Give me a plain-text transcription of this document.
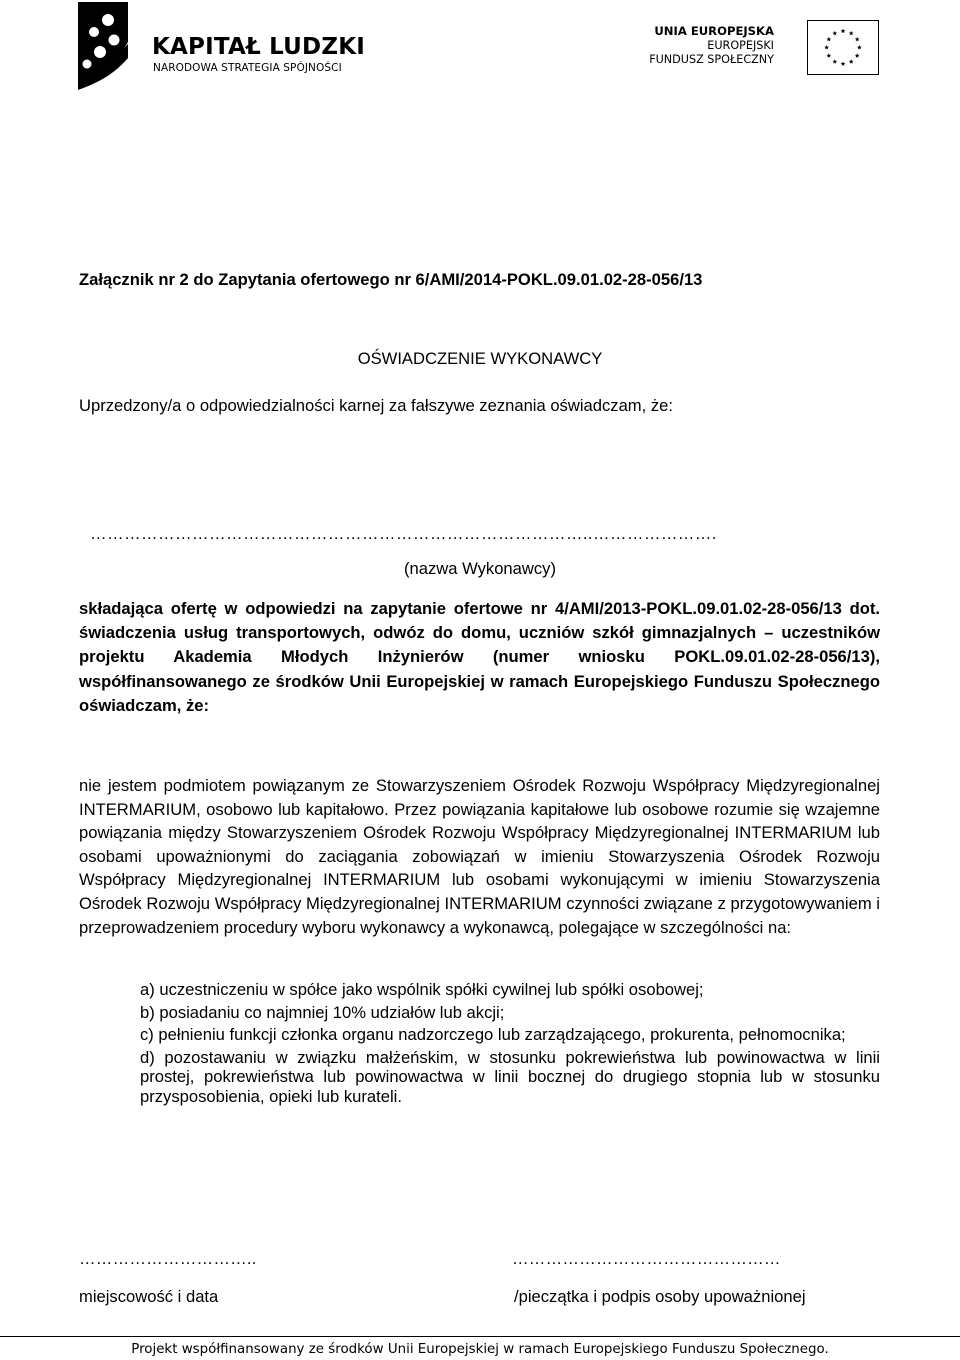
KAPITAŁ LUDZKI
NARODOWA STRATEGIA SPÓJNOŚCI
UNIA EUROPEJSKA
EUROPEJSKI
FUNDUSZ SPOŁECZNY
Załącznik nr 2 do Zapytania ofertowego nr 6/AMI/2014-POKL.09.01.02-28-056/13
OŚWIADCZENIE WYKONAWCY
Uprzedzony/a o odpowiedzialności karnej za fałszywe zeznania oświadczam, że:
……………………………………………………………………………..………………….
(nazwa Wykonawcy)
składająca ofertę w odpowiedzi na zapytanie ofertowe nr 4/AMI/2013-POKL.09.01.02-28-056/13 dot. świadczenia usług transportowych, odwóz do domu, uczniów szkół gimnazjalnych – uczestników projektu Akademia Młodych Inżynierów (numer wniosku POKL.09.01.02-28-056/13), współfinansowanego ze środków Unii Europejskiej w ramach Europejskiego Funduszu Społecznego oświadczam, że:
nie jestem podmiotem powiązanym ze Stowarzyszeniem Ośrodek Rozwoju Współpracy Międzyregionalnej INTERMARIUM, osobowo lub kapitałowo. Przez powiązania kapitałowe lub osobowe rozumie się wzajemne powiązania między Stowarzyszeniem Ośrodek Rozwoju Współpracy Międzyregionalnej INTERMARIUM lub osobami upoważnionymi do zaciągania zobowiązań w imieniu Stowarzyszenia Ośrodek Rozwoju Współpracy Międzyregionalnej INTERMARIUM lub osobami wykonującymi w imieniu Stowarzyszenia Ośrodek Rozwoju Współpracy Międzyregionalnej INTERMARIUM czynności związane z przygotowywaniem i przeprowadzeniem procedury wyboru wykonawcy a wykonawcą, polegające w szczególności na:
a) uczestniczeniu w spółce jako wspólnik spółki cywilnej lub spółki osobowej;
b) posiadaniu co najmniej 10% udziałów lub akcji;
c) pełnieniu funkcji członka organu nadzorczego lub zarządzającego, prokurenta, pełnomocnika;
d) pozostawaniu w związku małżeńskim, w stosunku pokrewieństwa lub powinowactwa w linii prostej, pokrewieństwa lub powinowactwa w linii bocznej do drugiego stopnia lub w stosunku przysposobienia, opieki lub kurateli.
…………………………..	…………………………………………
miejscowość i data	/pieczątka i podpis osoby upoważnionej
Projekt współfinansowany ze środków Unii Europejskiej w ramach Europejskiego Funduszu Społecznego.
